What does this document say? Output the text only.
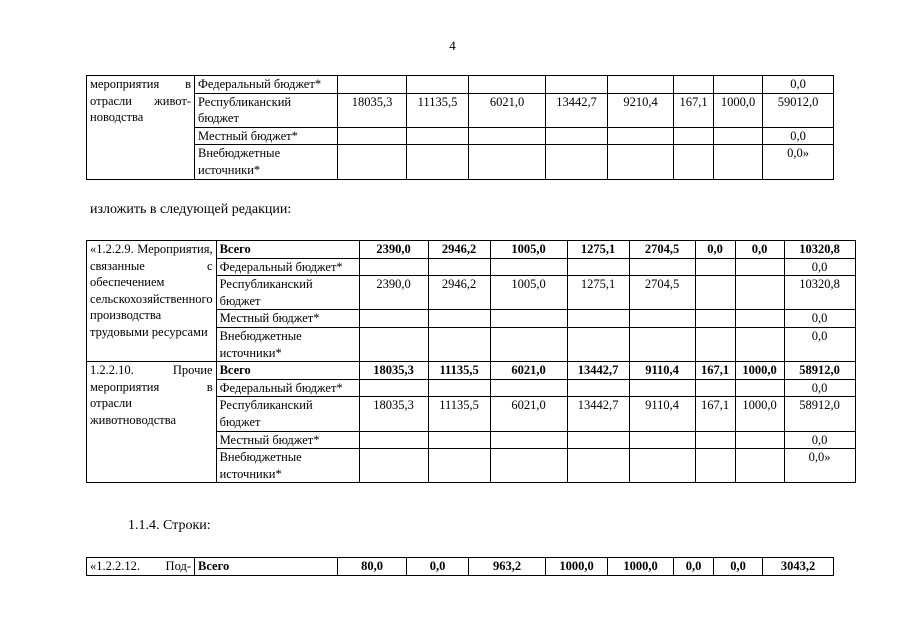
4
мероприятия в отрасли живот-новодства	Федеральный бюджет*								0,0
	Республиканский бюджет	18035,3	11135,5	6021,0	13442,7	9210,4	167,1	1000,0	59012,0
	Местный бюджет*								0,0
	Внебюджетные источники*								0,0»
изложить в следующей редакции:
«1.2.2.9. Мероприятия, связанные с обеспечением сельскохозяйственного производства трудовыми ресурсами	Всего	2390,0	2946,2	1005,0	1275,1	2704,5	0,0	0,0	10320,8
	Федеральный бюджет*								0,0
	Республиканский бюджет	2390,0	2946,2	1005,0	1275,1	2704,5			10320,8
	Местный бюджет*								0,0
	Внебюджетные источники*								0,0
1.2.2.10. Прочие мероприятия в отрасли животноводства	Всего	18035,3	11135,5	6021,0	13442,7	9110,4	167,1	1000,0	58912,0
	Федеральный бюджет*								0,0
	Республиканский бюджет	18035,3	11135,5	6021,0	13442,7	9110,4	167,1	1000,0	58912,0
	Местный бюджет*								0,0
	Внебюджетные источники*								0,0»
1.1.4. Строки:
«1.2.2.12. Под-	Всего	80,0	0,0	963,2	1000,0	1000,0	0,0	0,0	3043,2
